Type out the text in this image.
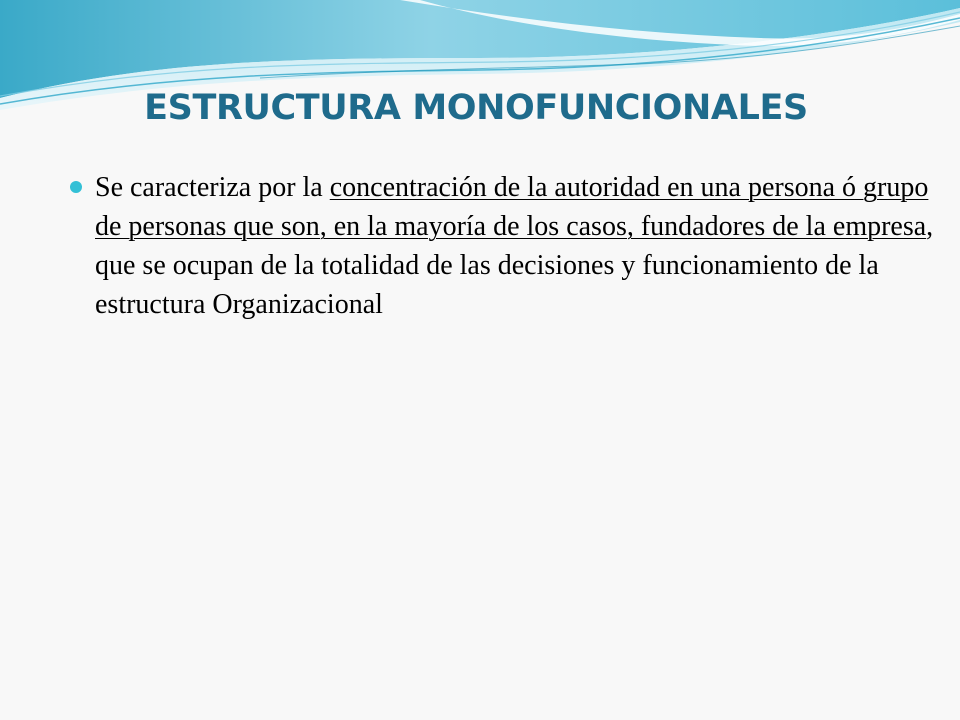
ESTRUCTURA MONOFUNCIONALES
Se caracteriza por la concentración de la autoridad en una persona ó grupo de personas que son, en la mayoría de los casos, fundadores de la empresa, que se ocupan de la totalidad de las decisiones y funcionamiento de la estructura Organizacional
